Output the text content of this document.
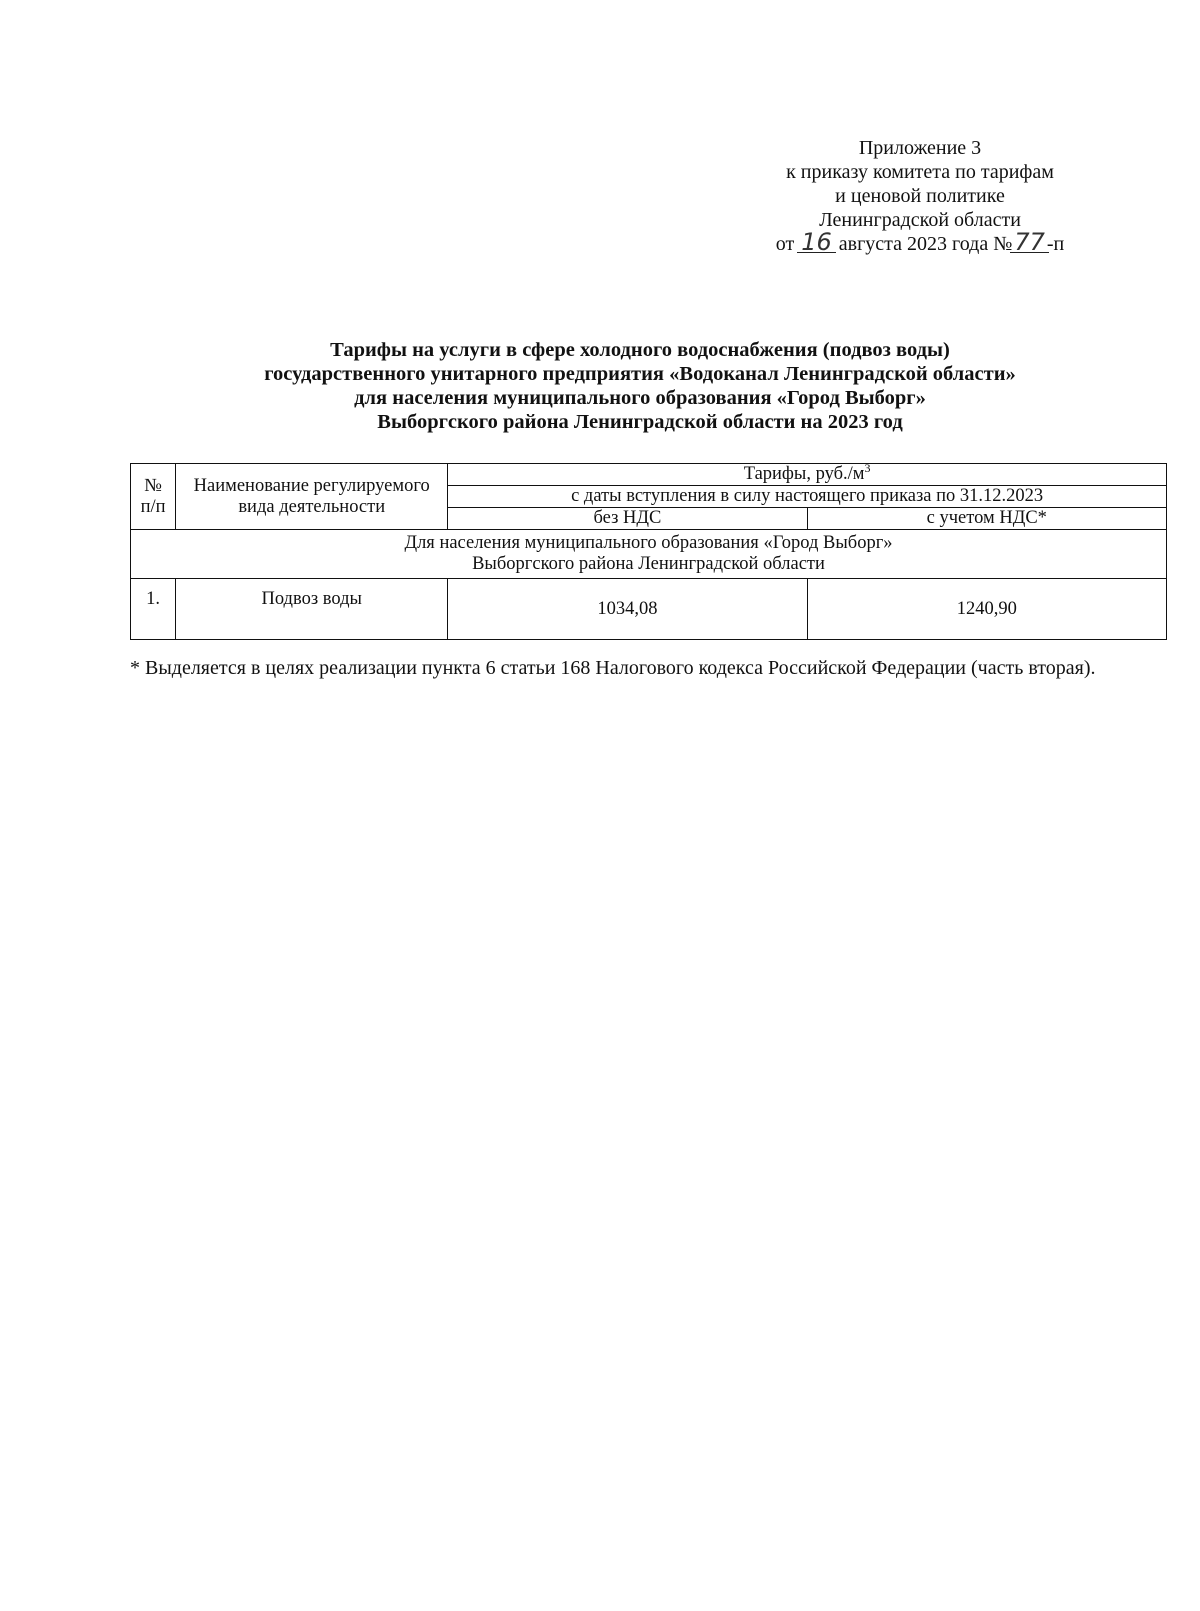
Приложение 3
к приказу комитета по тарифам
и ценовой политике
Ленинградской области
от 16 августа 2023 года №77 -п
Тарифы на услуги в сфере холодного водоснабжения (подвоз воды)
государственного унитарного предприятия «Водоканал Ленинградской области»
для населения муниципального образования «Город Выборг»
Выборгского района Ленинградской области на 2023 год
№ п/п	Наименование регулируемого вида деятельности	Тарифы, $руб./м^3$
		с даты вступления в силу настоящего приказа по 31.12.2023	
		без НДС	с учетом НДС*

Для населения муниципального образования «Город Выборг»
Выборгского района Ленинградской области			

1.	Подвоз воды	1034,08	1240,90
* Выделяется в целях реализации пункта 6 статьи 168 Налогового кодекса Российской Федерации (часть вторая).
